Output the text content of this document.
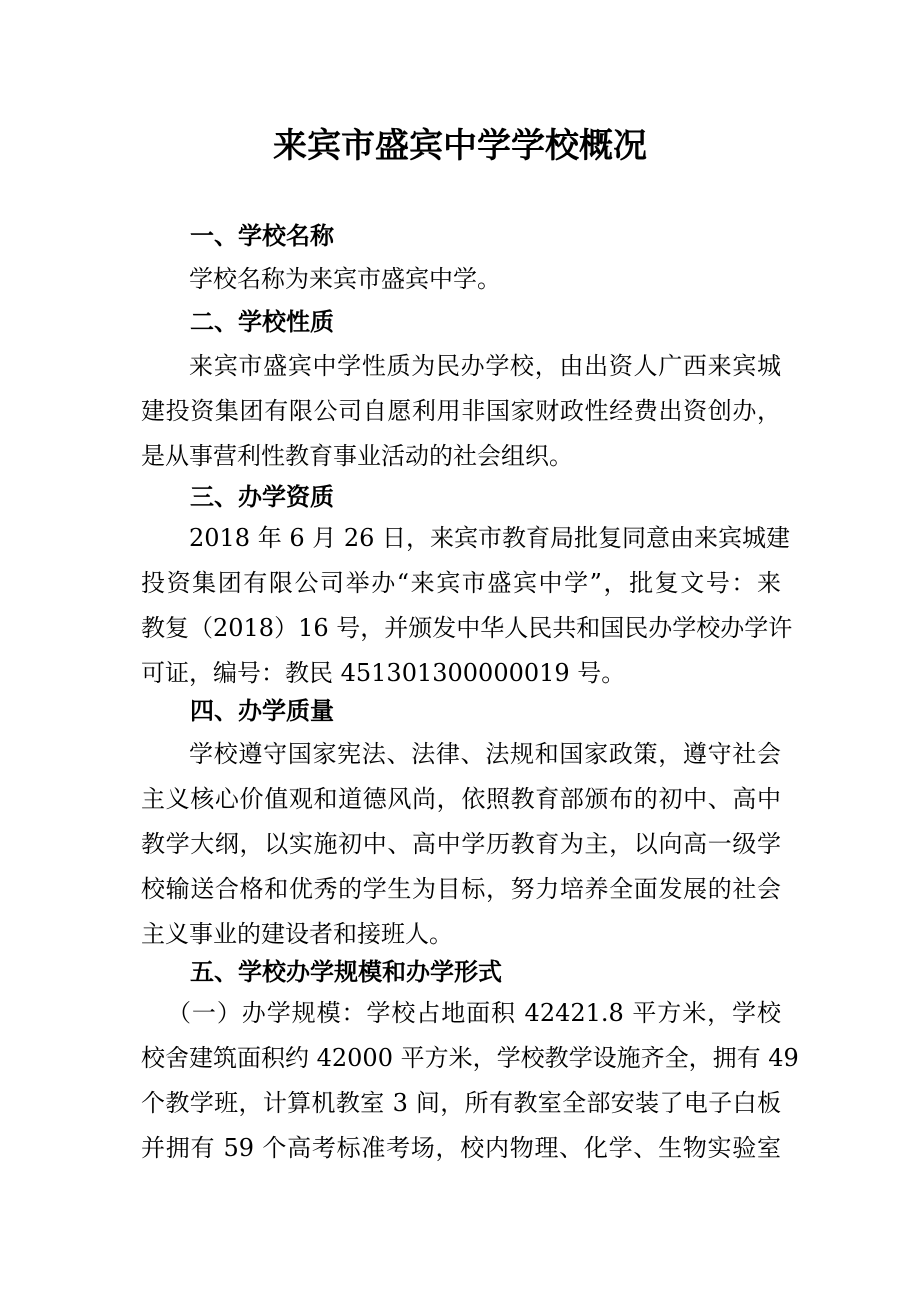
来宾市盛宾中学学校概况
一、学校名称
学校名称为来宾市盛宾中学。
二、学校性质
来宾市盛宾中学性质为民办学校，由出资人广西来宾城
建投资集团有限公司自愿利用非国家财政性经费出资创办，
是从事营利性教育事业活动的社会组织。
三、办学资质
2018 年 6 月 26 日，来宾市教育局批复同意由来宾城建
投资集团有限公司举办“来宾市盛宾中学”，批复文号：来
教复（2018）16 号，并颁发中华人民共和国民办学校办学许
可证，编号：教民 451301300000019 号。
四、办学质量
学校遵守国家宪法、法律、法规和国家政策，遵守社会
主义核心价值观和道德风尚，依照教育部颁布的初中、高中
教学大纲，以实施初中、高中学历教育为主，以向高一级学
校输送合格和优秀的学生为目标，努力培养全面发展的社会
主义事业的建设者和接班人。
五、学校办学规模和办学形式
（一）办学规模：学校占地面积 42421.8 平方米，学校
校舍建筑面积约 42000 平方米，学校教学设施齐全，拥有 49
个教学班，计算机教室 3 间，所有教室全部安装了电子白板
并拥有 59 个高考标准考场，校内物理、化学、生物实验室
